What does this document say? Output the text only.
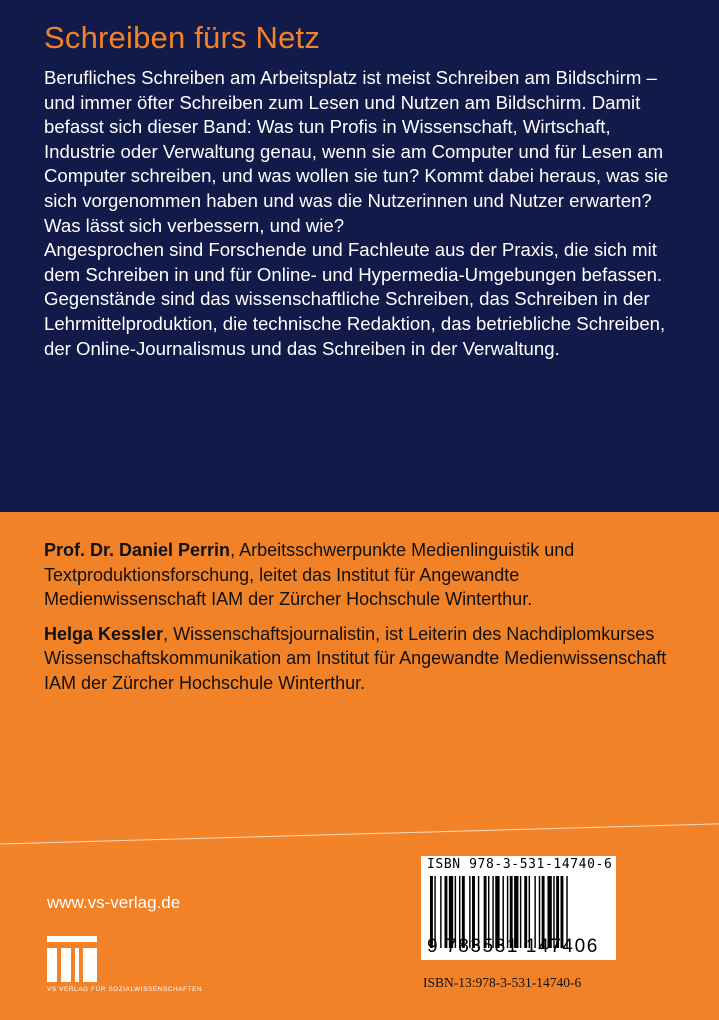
Schreiben fürs Netz

Berufliches Schreiben am Arbeitsplatz ist meist Schreiben am Bildschirm – und immer öfter Schreiben zum Lesen und Nutzen am Bildschirm. Damit befasst sich dieser Band: Was tun Profis in Wissenschaft, Wirtschaft, Industrie oder Verwaltung genau, wenn sie am Computer und für Lesen am Computer schreiben, und was wollen sie tun? Kommt dabei heraus, was sie sich vorgenommen haben und was die Nutzerinnen und Nutzer erwarten? Was lässt sich verbessern, und wie?

Angesprochen sind Forschende und Fachleute aus der Praxis, die sich mit dem Schreiben in und für Online- und Hypermedia-Umgebungen befassen. Gegenstände sind das wissenschaftliche Schreiben, das Schreiben in der Lehrmittelproduktion, die technische Redaktion, das betriebliche Schreiben, der Online-Journalismus und das Schreiben in der Verwaltung.

Prof. Dr. Daniel Perrin, Arbeitsschwerpunkte Medienlinguistik und Textproduktionsforschung, leitet das Institut für Angewandte Medienwissenschaft IAM der Zürcher Hochschule Winterthur.

Helga Kessler, Wissenschaftsjournalistin, ist Leiterin des Nachdiplomkurses Wissenschaftskommunikation am Institut für Angewandte Medienwissenschaft IAM der Zürcher Hochschule Winterthur.

www.vs-verlag.de
VS VERLAG FÜR SOZIALWISSENSCHAFTEN
ISBN 978-3-531-14740-6
9 783531 147406
ISBN-13:978-3-531-14740-6
